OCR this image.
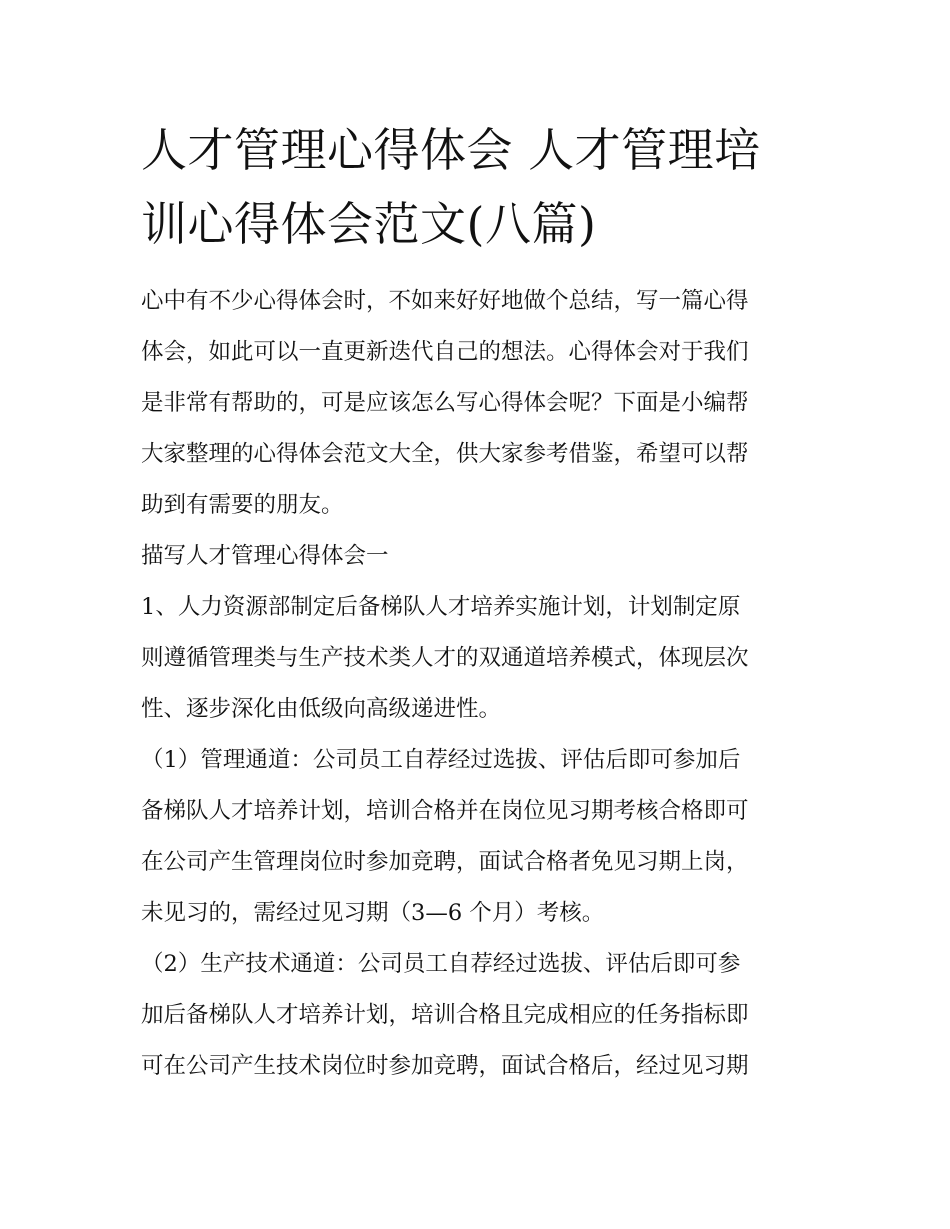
人才管理心得体会 人才管理培
训心得体会范文(八篇)
心中有不少心得体会时，不如来好好地做个总结，写一篇心得
体会，如此可以一直更新迭代自己的想法。心得体会对于我们
是非常有帮助的，可是应该怎么写心得体会呢？下面是小编帮
大家整理的心得体会范文大全，供大家参考借鉴，希望可以帮
助到有需要的朋友。
描写人才管理心得体会一
1、人力资源部制定后备梯队人才培养实施计划，计划制定原
则遵循管理类与生产技术类人才的双通道培养模式，体现层次
性、逐步深化由低级向高级递进性。
（1）管理通道：公司员工自荐经过选拔、评估后即可参加后
备梯队人才培养计划，培训合格并在岗位见习期考核合格即可
在公司产生管理岗位时参加竞聘，面试合格者免见习期上岗，
未见习的，需经过见习期（3—6 个月）考核。
（2）生产技术通道：公司员工自荐经过选拔、评估后即可参
加后备梯队人才培养计划，培训合格且完成相应的任务指标即
可在公司产生技术岗位时参加竞聘，面试合格后，经过见习期
